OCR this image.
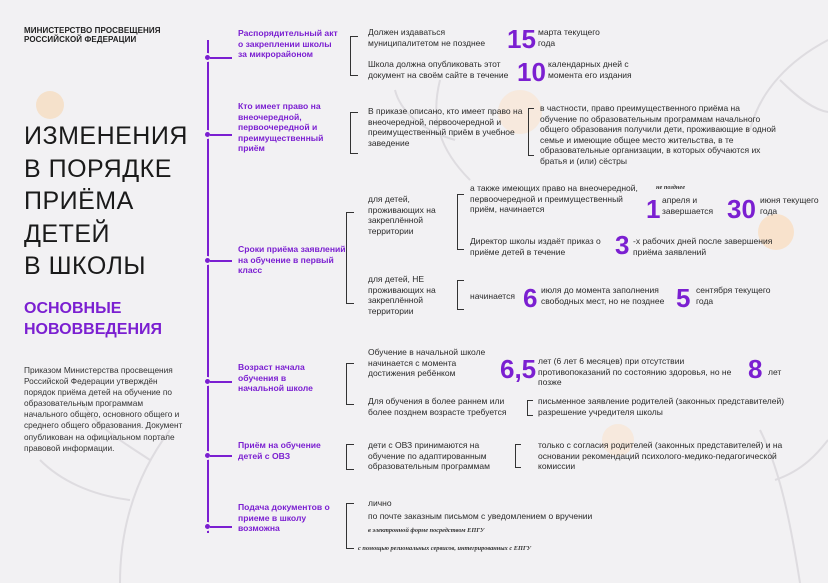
МИНИСТЕРСТВО ПРОСВЕЩЕНИЯ
РОССИЙСКОЙ ФЕДЕРАЦИИ
ИЗМЕНЕНИЯ
В ПОРЯДКЕ
ПРИЁМА
ДЕТЕЙ
В ШКОЛЫ
ОСНОВНЫЕ
НОВОВВЕДЕНИЯ
Приказом Министерства просвещения Российской Федерации утверждён порядок приёма детей на обучение по образовательным программам начального общего, основного общего и среднего общего образования. Документ опубликован на официальном портале правовой информации.
Распорядительный акт о закреплении школы за микрорайоном
Должен издаваться муниципалитетом не позднее 15 марта текущего года
Школа должна опубликовать этот документ на своём сайте в течение 10 календарных дней с момента его издания
Кто имеет право на внеочередной, первоочередной и преимущественный приём
В приказе описано, кто имеет право на внеочередной, первоочередной и преимущественный приём в учебное заведение
в частности, право преимущественного приёма на обучение по образовательным программам начального общего образования получили дети, проживающие в одной семье и имеющие общее место жительства, в те образовательные организации, в которых обучаются их братья и (или) сёстры
Сроки приёма заявлений на обучение в первый класс
для детей, проживающих на закреплённой территории
а также имеющих право на внеочередной, первоочередной и преимущественный приём, начинается
не позднее
1 апреля и завершается 30 июня текущего года
Директор школы издаёт приказ о приёме детей в течение	3 -х рабочих дней после завершения приёма заявлений
для детей, НЕ проживающих на закреплённой территории
начинается 6 июля до момента заполнения свободных мест, но не позднее 5 сентября текущего года
Возраст начала обучения в начальной школе
Обучение в начальной школе начинается с момента достижения ребёнком	6,5 лет (6 лет 6 месяцев) при отсутствии противопоказаний по состоянию здоровья, но не позже	8 лет
Для обучения в более раннем или более позднем возрасте требуется
письменное заявление родителей (законных представителей) разрешение учредителя школы
Приём на обучение детей с ОВЗ
дети с ОВЗ принимаются на обучение по адаптированным образовательным программам
только с согласия родителей (законных представителей) и на основании рекомендаций психолого-медико-педагогической комиссии
Подача документов о приеме в школу возможна
лично
по почте заказным письмом с уведомлением о вручении
в электронной форме посредством ЕПГУ
с помощью региональных сервисов, интегрированных с ЕПГУ
